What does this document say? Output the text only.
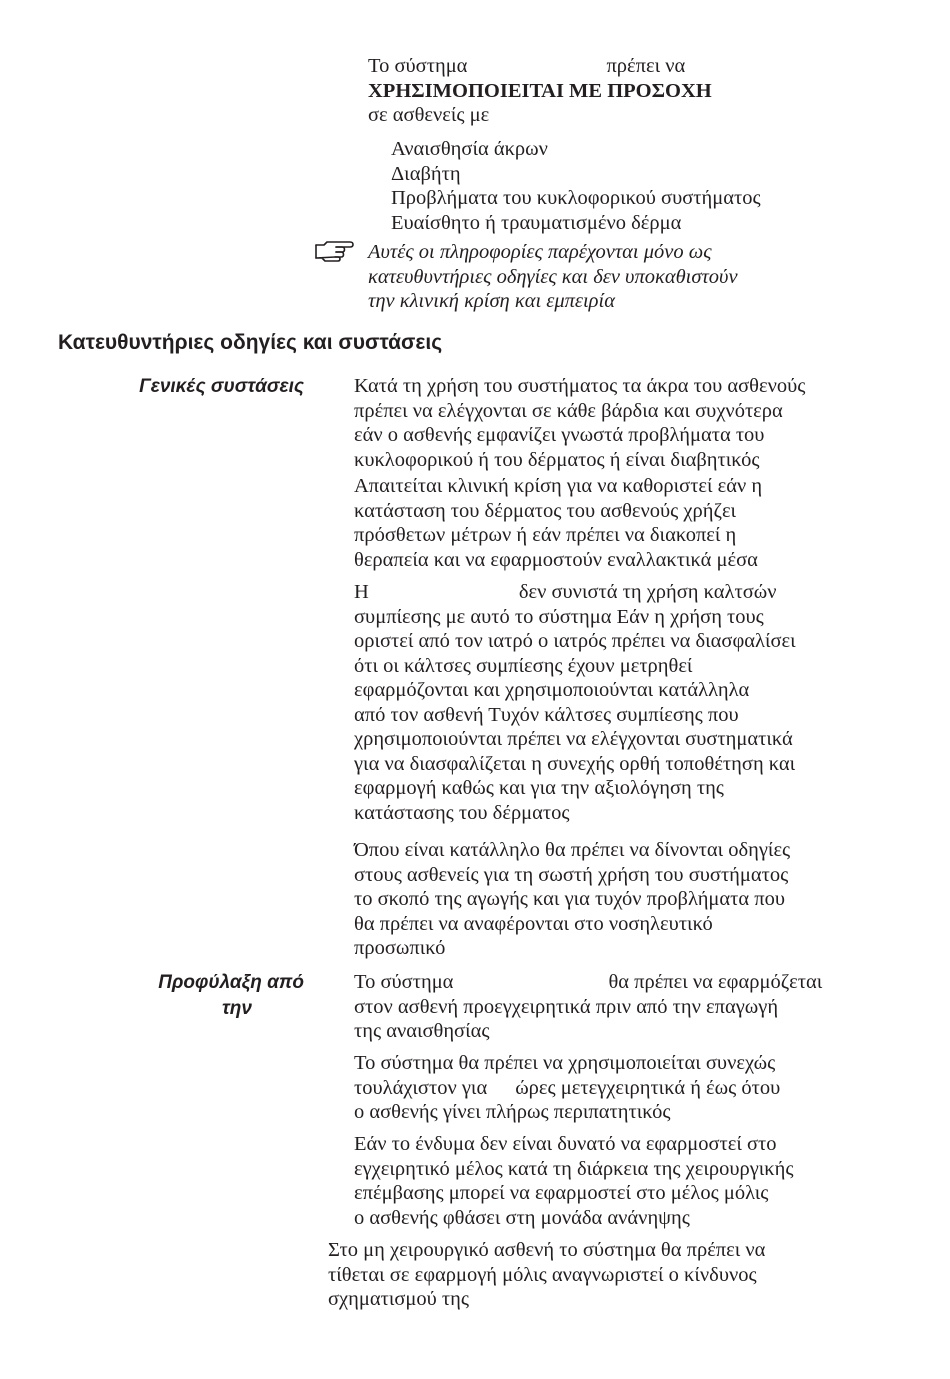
Το σύστημα	πρέπει να
ΧΡΗΣΙΜΟΠΟΙΕΙΤΑΙ ΜΕ ΠΡΟΣΟΧΗ
σε ασθενείς με
Αναισθησία άκρων
Διαβήτη
Προβλήματα του κυκλοφορικού συστήματος
Ευαίσθητο ή τραυματισμένο δέρμα
Αυτές οι πληροφορίες παρέχονται μόνο ως
κατευθυντήριες οδηγίες και δεν υποκαθιστούν
την κλινική κρίση και εμπειρία
Κατευθυντήριες οδηγίες και συστάσεις
Γενικές συστάσεις Κατά τη χρήση του συστήματος τα άκρα του ασθενούς
πρέπει να ελέγχονται σε κάθε βάρδια και συχνότερα
εάν ο ασθενής εμφανίζει γνωστά προβλήματα του
κυκλοφορικού ή του δέρματος ή είναι διαβητικός
Απαιτείται κλινική κρίση για να καθοριστεί εάν η
κατάσταση του δέρματος του ασθενούς χρήζει
πρόσθετων μέτρων ή εάν πρέπει να διακοπεί η
θεραπεία και να εφαρμοστούν εναλλακτικά μέσα
Η	δεν συνιστά τη χρήση καλτσών
συμπίεσης με αυτό το σύστημα Εάν η χρήση τους
οριστεί από τον ιατρό ο ιατρός πρέπει να διασφαλίσει
ότι οι κάλτσες συμπίεσης έχουν μετρηθεί
εφαρμόζονται και χρησιμοποιούνται κατάλληλα
από τον ασθενή Τυχόν κάλτσες συμπίεσης που
χρησιμοποιούνται πρέπει να ελέγχονται συστηματικά
για να διασφαλίζεται η συνεχής ορθή τοποθέτηση και
εφαρμογή καθώς και για την αξιολόγηση της
κατάστασης του δέρματος
Όπου είναι κατάλληλο θα πρέπει να δίνονται οδηγίες
στους ασθενείς για τη σωστή χρήση του συστήματος
το σκοπό της αγωγής και για τυχόν προβλήματα που
θα πρέπει να αναφέρονται στο νοσηλευτικό
προσωπικό
Προφύλαξη από
την
Το σύστημα	θα πρέπει να εφαρμόζεται
στον ασθενή προεγχειρητικά πριν από την επαγωγή
της αναισθησίας
Το σύστημα θα πρέπει να χρησιμοποιείται συνεχώς
τουλάχιστον για ώρες μετεγχειρητικά ή έως ότου
ο ασθενής γίνει πλήρως περιπατητικός
Εάν το ένδυμα δεν είναι δυνατό να εφαρμοστεί στο
εγχειρητικό μέλος κατά τη διάρκεια της χειρουργικής
επέμβασης μπορεί να εφαρμοστεί στο μέλος μόλις
ο ασθενής φθάσει στη μονάδα ανάνηψης
Στο μη χειρουργικό ασθενή το σύστημα θα πρέπει να
τίθεται σε εφαρμογή μόλις αναγνωριστεί ο κίνδυνος
σχηματισμού της
